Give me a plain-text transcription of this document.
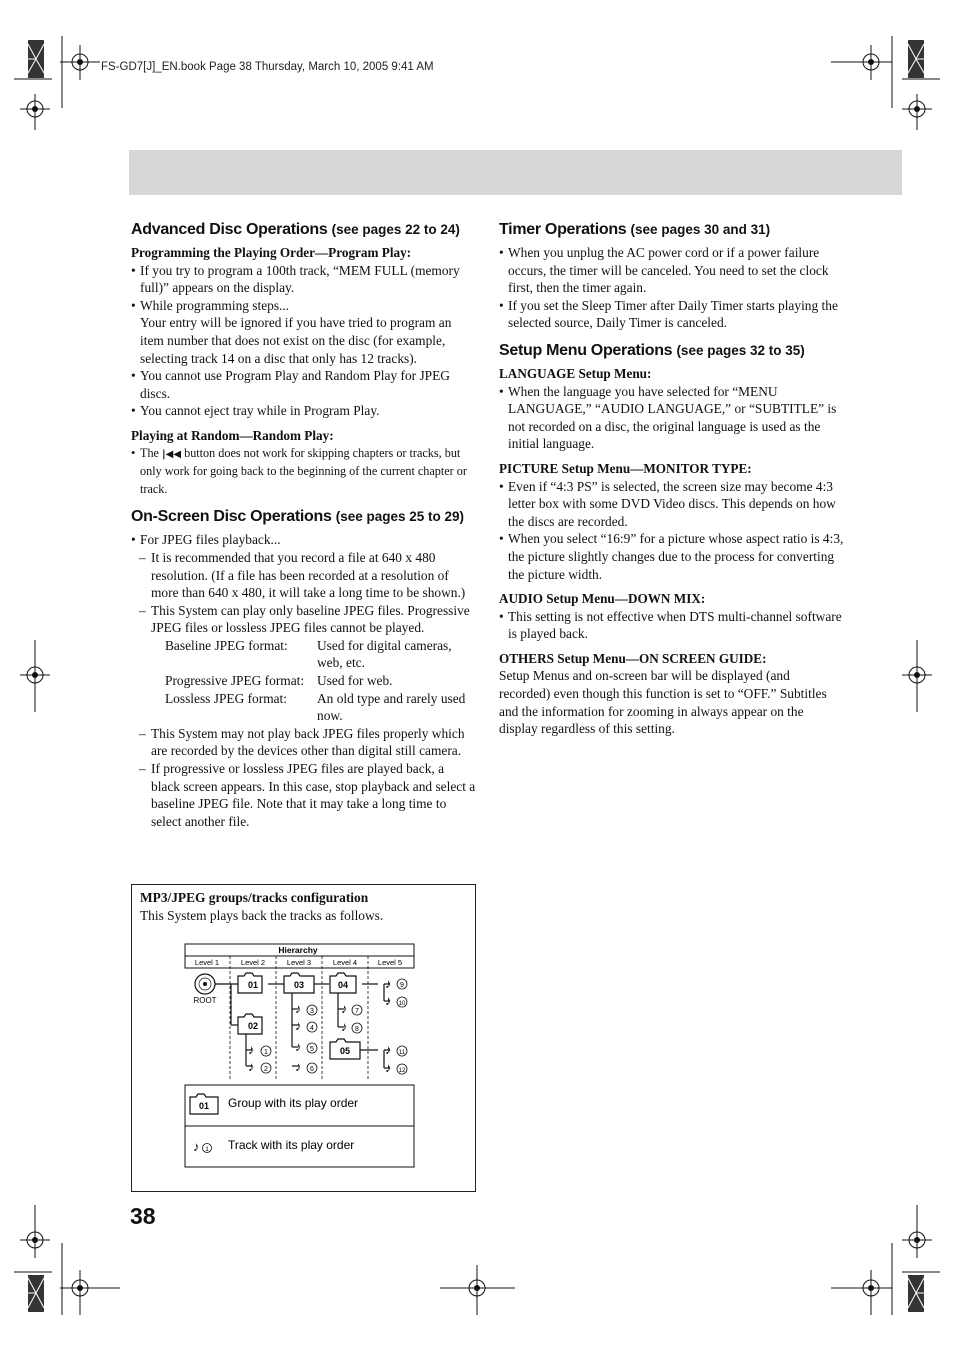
FS-GD7[J]_EN.book Page 38 Thursday, March 10, 2005 9:41 AM
Advanced Disc Operations (see pages 22 to 24)
Programming the Playing Order—Program Play:
• If you try to program a 100th track, “MEM FULL (memory full)” appears on the display.
• While programming steps...
Your entry will be ignored if you have tried to program an item number that does not exist on the disc (for example, selecting track 14 on a disc that only has 12 tracks).
• You cannot use Program Play and Random Play for JPEG discs.
• You cannot eject tray while in Program Play.
Playing at Random—Random Play:
• The |◀◀ button does not work for skipping chapters or tracks, but only work for going back to the beginning of the current chapter or track.
On-Screen Disc Operations (see pages 25 to 29)
• For JPEG files playback...
– It is recommended that you record a file at 640 x 480 resolution. (If a file has been recorded at a resolution of more than 640 x 480, it will take a long time to be shown.)
– This System can play only baseline JPEG files. Progressive JPEG files or lossless JPEG files cannot be played.
Baseline JPEG format:	Used for digital cameras, web, etc.
Progressive JPEG format: Used for web.
Lossless JPEG format:	An old type and rarely used now.
– This System may not play back JPEG files properly which are recorded by the devices other than digital still camera.
– If progressive or lossless JPEG files are played back, a black screen appears. In this case, stop playback and select a baseline JPEG file. Note that it may take a long time to select another file.
MP3/JPEG groups/tracks configuration
This System plays back the tracks as follows.
Hierarchy
Level 1	Level 2	Level 3	Level 4	Level 5
ROOT
01
02
03	04
05
♪ 1
♪ 2
♪ 3
♪ 4
♪ 5
♪ 6
♪ 7
♪ 8
♪ 9
♪ 10
♪ 11
♪ 12
01 Group with its play order
♪ 1 Track with its play order
38
Timer Operations (see pages 30 and 31)
• When you unplug the AC power cord or if a power failure occurs, the timer will be canceled. You need to set the clock first, then the timer again.
• If you set the Sleep Timer after Daily Timer starts playing the selected source, Daily Timer is canceled.
Setup Menu Operations (see pages 32 to 35)
LANGUAGE Setup Menu:
• When the language you have selected for “MENU LANGUAGE,” “AUDIO LANGUAGE,” or “SUBTITLE” is not recorded on a disc, the original language is used as the initial language.
PICTURE Setup Menu—MONITOR TYPE:
• Even if “4:3 PS” is selected, the screen size may become 4:3 letter box with some DVD Video discs. This depends on how the discs are recorded.
• When you select “16:9” for a picture whose aspect ratio is 4:3, the picture slightly changes due to the process for converting the picture width.
AUDIO Setup Menu—DOWN MIX:
• This setting is not effective when DTS multi-channel software is played back.
OTHERS Setup Menu—ON SCREEN GUIDE:
Setup Menus and on-screen bar will be displayed (and recorded) even though this function is set to “OFF.” Subtitles and the information for zooming in always appear on the display regardless of this setting.
